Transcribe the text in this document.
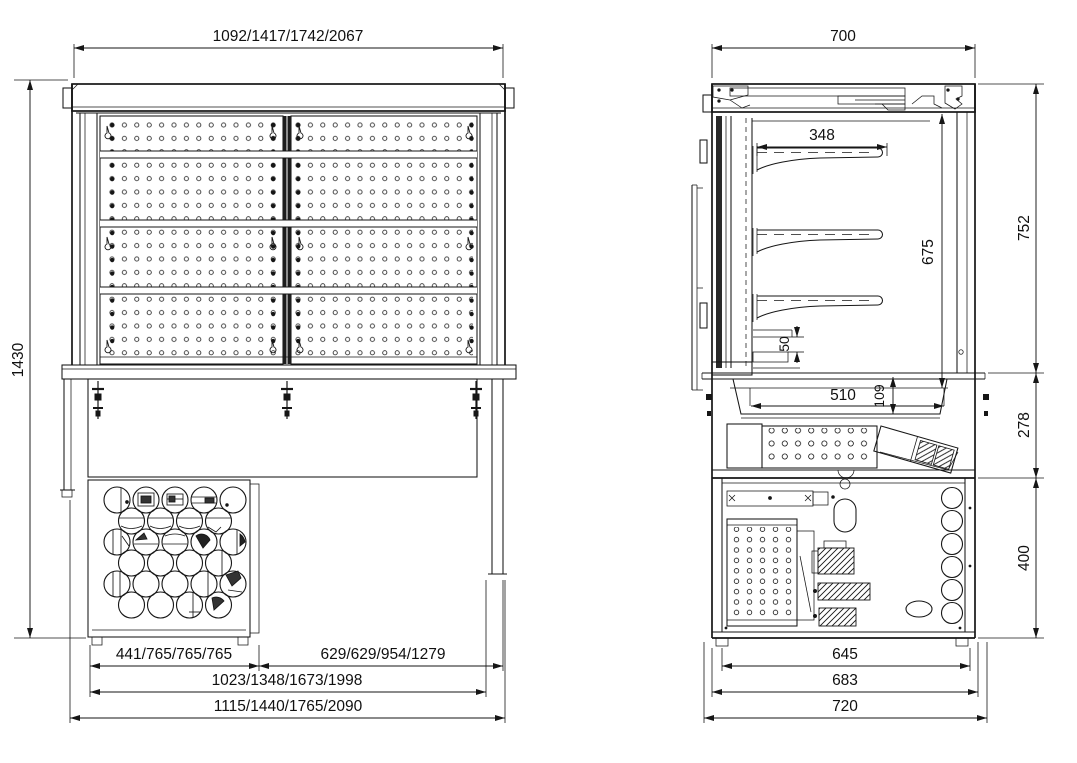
1092/1417/1742/2067
1430
441/765/765/765	629/629/954/1279
1023/1348/1673/1998
1115/1440/1765/2090
700
752
278
400
348
675
50
510 109
645
683
720
